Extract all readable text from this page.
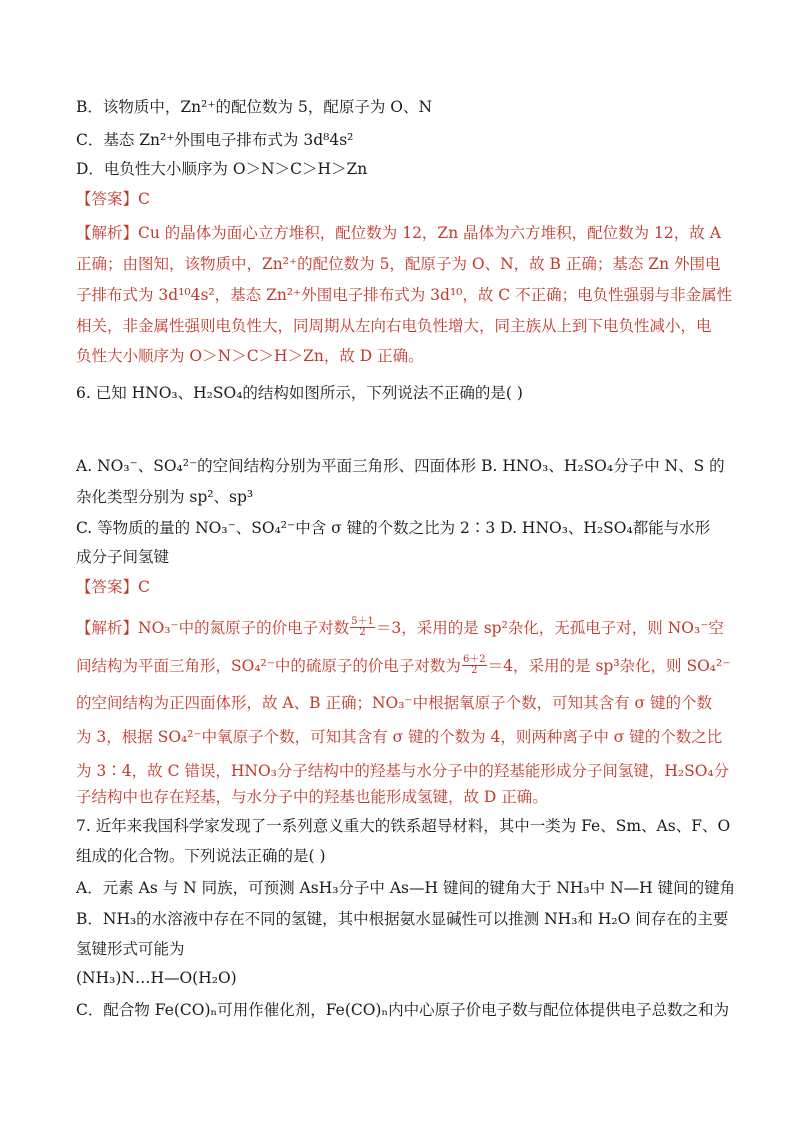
B．该物质中，Zn²⁺的配位数为 5，配原子为 O、N
C．基态 Zn²⁺外围电子排布式为 3d⁸4s²
D．电负性大小顺序为 O＞N＞C＞H＞Zn
【答案】C
【解析】Cu 的晶体为面心立方堆积，配位数为 12，Zn 晶体为六方堆积，配位数为 12，故 A
正确；由图知，该物质中，Zn²⁺的配位数为 5，配原子为 O、N，故 B 正确；基态 Zn 外围电
子排布式为 3d¹⁰4s²，基态 Zn²⁺外围电子排布式为 3d¹⁰，故 C 不正确；电负性强弱与非金属性
相关，非金属性强则电负性大，同周期从左向右电负性增大，同主族从上到下电负性减小，电
负性大小顺序为 O＞N＞C＞H＞Zn，故 D 正确。
6. 已知 HNO₃、H₂SO₄的结构如图所示，下列说法不正确的是( )
A. NO₃⁻、SO₄²⁻的空间结构分别为平面三角形、四面体形 B. HNO₃、H₂SO₄分子中 N、S 的
杂化类型分别为 sp²、sp³
C. 等物质的量的 NO₃⁻、SO₄²⁻中含 σ 键的个数之比为 2∶3 D. HNO₃、H₂SO₄都能与水形
成分子间氢键
【答案】C
【解析】NO₃⁻中的氮原子的价电子对数 $\frac{5+1}{2} =3$，采用的是 sp²杂化，无孤电子对，则 NO₃⁻空
间结构为平面三角形，SO₄²⁻中的硫原子的价电子对数为 $\frac{6+2}{2} =4$，采用的是 sp³杂化，则 SO₄²⁻
的空间结构为正四面体形，故 A、B 正确；NO₃⁻中根据氧原子个数，可知其含有 σ 键的个数
为 3，根据 SO₄²⁻中氧原子个数，可知其含有 σ 键的个数为 4，则两种离子中 σ 键的个数之比
为 3∶4，故 C 错误，HNO₃分子结构中的羟基与水分子中的羟基能形成分子间氢键，H₂SO₄分
子结构中也存在羟基，与水分子中的羟基也能形成氢键，故 D 正确。
7. 近年来我国科学家发现了一系列意义重大的铁系超导材料，其中一类为 Fe、Sm、As、F、O
组成的化合物。下列说法正确的是( )
A．元素 As 与 N 同族，可预测 AsH₃分子中 As—H 键间的键角大于 NH₃中 N—H 键间的键角
B．NH₃的水溶液中存在不同的氢键，其中根据氨水显碱性可以推测 NH₃和 H₂O 间存在的主要
氢键形式可能为
(NH₃)N…H—O(H₂O)
C．配合物 Fe(CO)ₙ可用作催化剂，Fe(CO)ₙ内中心原子价电子数与配位体提供电子总数之和为
